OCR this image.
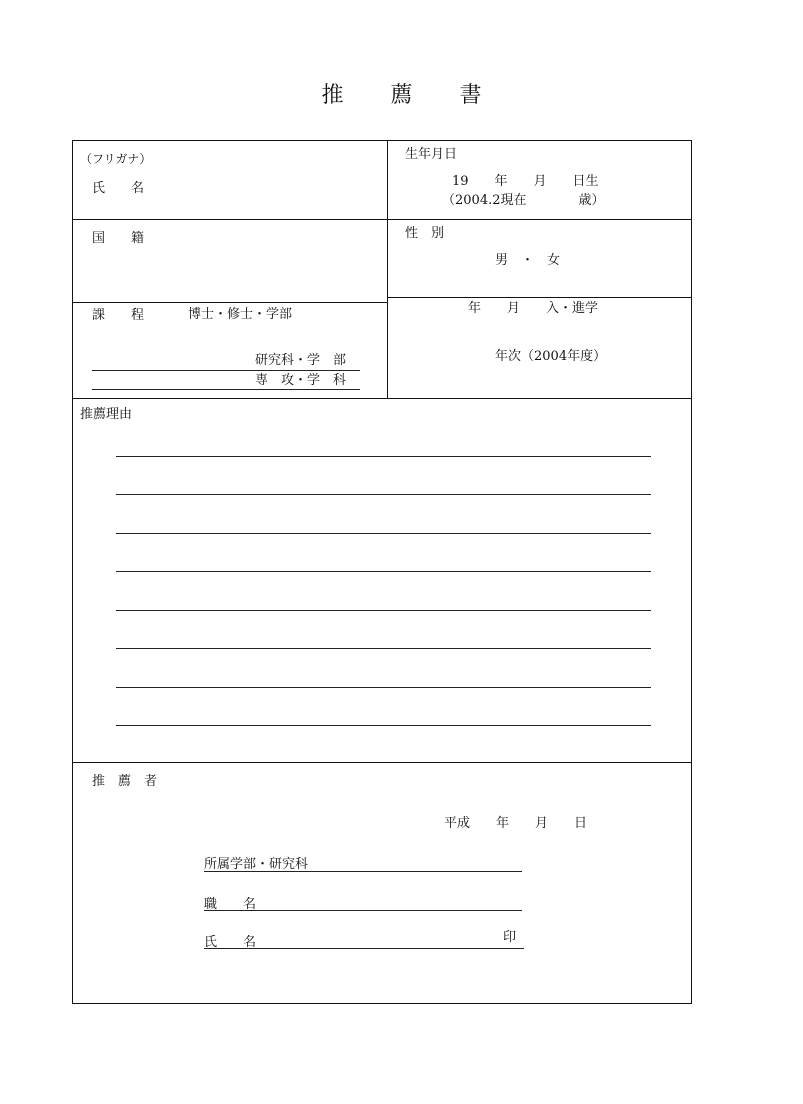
推 薦 書
（フリガナ）
氏　　名
生年月日
19　　年　　月　　日生
（2004.2現在　　　　歳）
国　　籍	性　別
男　・　女
課　　程	博士・修士・学部
研究科・学　部
専　攻・学　科
年　　月　　入・進学
年次（2004年度）
推薦理由
推　薦　者
平成　　年　　月　　日
所属学部・研究科
職　　名
氏　　名	印
